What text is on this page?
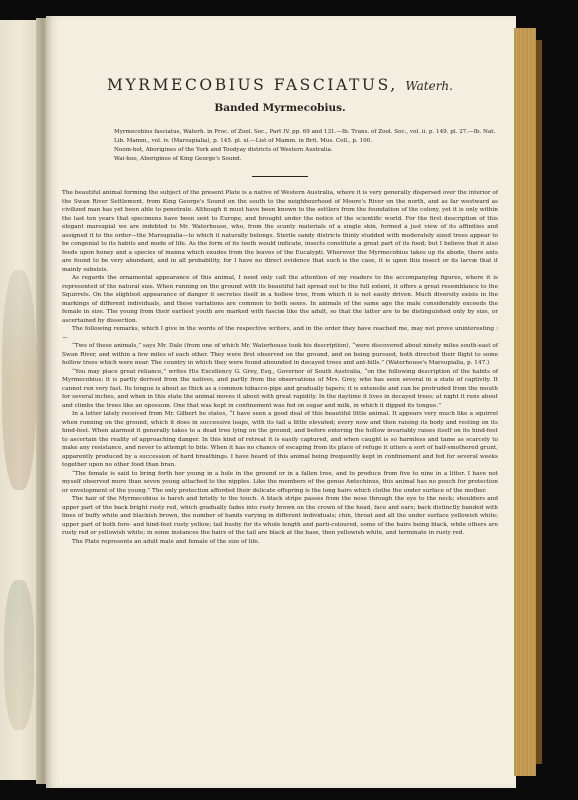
MYRMECOBIUS FASCIATUS, Waterh.
Banded Myrmecobius.

Myrmecobius fasciatus, Waterh. in Proc. of Zool. Soc., Part IV. pp. 69 and 131.—Ib. Trans. of Zool. Soc., vol. ii. p. 149. pl. 27.—Ib. Nat. Lib. Mamm., vol. iv. (Marsupialia), p. 145. pl. xi.—List of Mamm. in Brit. Mus. Coll., p. 100.

Noom-bot, Aborigines of the York and Toodyay districts of Western Australia.

Wai-hoo, Aborigines of King George's Sound.

The beautiful animal forming the subject of the present Plate is a native of Western Australia, where it is very generally dispersed over the interior of the Swan River Settlement, from King George's Sound on the south to the neighbourhood of Moore's River on the north, and as far westward as civilized man has yet been able to penetrate. Although it must have been known to the settlers from the foundation of the colony, yet it is only within the last ten years that specimens have been sent to Europe, and brought under the notice of the scientific world. For the first description of this elegant marsupial we are indebted to Mr. Waterhouse, who, from the scanty materials of a single skin, formed a just view of its affinities and assigned it to the order—the Marsupialia—to which it naturally belongs. Sterile sandy districts thinly studded with moderately sized trees appear to be congenial to its habits and mode of life. As the form of its teeth would indicate, insects constitute a great part of its food; but I believe that it also feeds upon honey and a species of manna which exudes from the leaves of the Eucalypti. Wherever the Myrmecobius takes up its abode, there ants are found to be very abundant, and in all probability, for I have no direct evidence that such is the case, it is upon this insect or its larvæ that it mainly subsists.

As regards the ornamental appearance of this animal, I need only call the attention of my readers to the accompanying figures, where it is represented of the natural size. When running on the ground with its beautiful tail spread out to the full extent, it offers a great resemblance to the Squirrels. On the slightest appearance of danger it secretes itself in a hollow tree, from which it is not easily driven. Much diversity exists in the markings of different individuals, and these variations are common to both sexes. In animals of the same age the male considerably exceeds the female in size. The young from their earliest youth are marked with fasciæ like the adult, so that the latter are to be distinguished only by size, or ascertained by dissection.

The following remarks, which I give in the words of the respective writers, and in the order they have reached me, may not prove uninteresting :—

“Two of these animals,” says Mr. Dale (from one of which Mr. Waterhouse took his description), “were discovered about ninety miles south-east of Swan River, and within a few miles of each other. They were first observed on the ground, and on being pursued, both directed their flight to some hollow trees which were near. The country in which they were found abounded in decayed trees and ant-hills.” (Waterhouse's Marsupialia, p. 147.)

“You may place great reliance,” writes His Excellency G. Grey, Esq., Governor of South Australia, “on the following description of the habits of Myrmecobius; it is partly derived from the natives, and partly from the observations of Mrs. Grey, who has seen several in a state of captivity. It cannot run very fast. Its tongue is about as thick as a common tobacco-pipe and gradually tapers; it is extensile and can be protruded from the mouth for several inches, and when in this state the animal moves it about with great rapidity. In the daytime it lives in decayed trees; at night it runs about and climbs the trees like an opossum. One that was kept in confinement was fed on sugar and milk, in which it dipped its tongue.”

In a letter lately received from Mr. Gilbert he states, “I have seen a good deal of this beautiful little animal. It appears very much like a squirrel when running on the ground, which it does in successive leaps, with its tail a little elevated; every now and then raising its body and resting on its hind-feet. When alarmed it generally takes to a dead tree lying on the ground, and before entering the hollow invariably raises itself on its hind-feet to ascertain the reality of approaching danger. In this kind of retreat it is easily captured, and when caught is so harmless and tame as scarcely to make any resistance, and never to attempt to bite. When it has no chance of escaping from its place of refuge it utters a sort of half-smothered grunt, apparently produced by a succession of hard breathings. I have heard of this animal being frequently kept in confinement and fed for several weeks together upon no other food than bran.

“The female is said to bring forth her young in a hole in the ground or in a fallen tree, and to produce from five to nine in a litter. I have not myself observed more than seven young attached to the nipples. Like the members of the genus Antechinus, this animal has no pouch for protection or envelopment of the young.” The only protection afforded their delicate offspring is the long hairs which clothe the under surface of the mother.

The hair of the Myrmecobius is harsh and bristly to the touch. A black stripe passes from the nose through the eye to the neck; shoulders and upper part of the back bright rusty red, which gradually fades into rusty brown on the crown of the head, face and ears; back distinctly banded with lines of buffy white and blackish brown, the number of bands varying in different individuals; chin, throat and all the under surface yellowish white; upper part of both fore- and hind-feet rusty yellow; tail bushy for its whole length and parti-coloured, some of the hairs being black, while others are rusty red or yellowish white; in some instances the hairs of the tail are black at the base, then yellowish white, and terminate in rusty red.

The Plate represents an adult male and female of the size of life.
